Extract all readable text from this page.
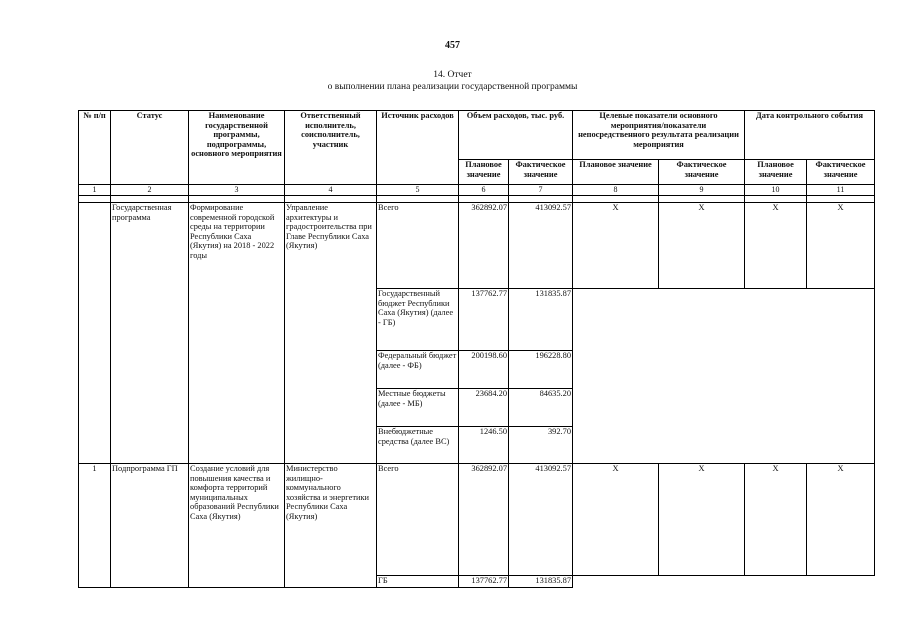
457
14. Отчет
о выполнении плана реализации государственной программы
№ п/п	Статус	Наименование государственной программы, подпрограммы, основного мероприятия	Ответственный исполнитель, соисполнитель, участник	Источник расходов	Объем расходов, тыс. руб.		Целевые показатели основного мероприятия/показатели непосредственного результата реализации мероприятия		Дата контрольного события	
					Плановое значение	Фактическое значение	Плановое значение	Фактическое значение	Плановое значение	Фактическое значение
1	2	3	4	5	6	7	8	9	10	11

	Государственная программа	Формирование современной городской среды на территории Республики Саха (Якутия) на 2018 - 2022 годы	Управление архитектуры и градостроительства при Главе Республики Саха (Якутия)	Всего	362892.07	413092.57	X	X	X	X
				Государственный бюджет Республики Саха (Якутия) (далее - ГБ)	137762.77	131835.87				
				Федеральный бюджет (далее - ФБ)	200198.60	196228.80				
				Местные бюджеты (далее - МБ)	23684.20	84635.20				
				Внебюджетные средства (далее ВС)	1246.50	392.70				
1	Подпрограмма ГП	Создание условий для повышения качества и комфорта территорий муниципальных образований Республики Саха (Якутия)	Министерство жилищно-коммунального хозяйства и энергетики Республики Саха (Якутия)	Всего	362892.07	413092.57	X	X	X	X
				ГБ	137762.77	131835.87				
